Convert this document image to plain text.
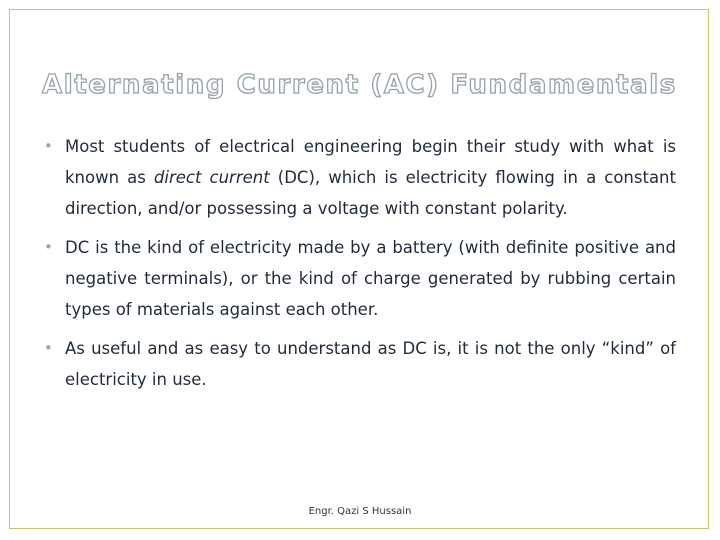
Alternating Current (AC) Fundamentals
• Most students of electrical engineering begin their study with what is known as direct current (DC), which is electricity flowing in a constant direction, and/or possessing a voltage with constant polarity.
• DC is the kind of electricity made by a battery (with definite positive and negative terminals), or the kind of charge generated by rubbing certain types of materials against each other.
• As useful and as easy to understand as DC is, it is not the only “kind” of electricity in use.
Engr. Qazi S Hussain
